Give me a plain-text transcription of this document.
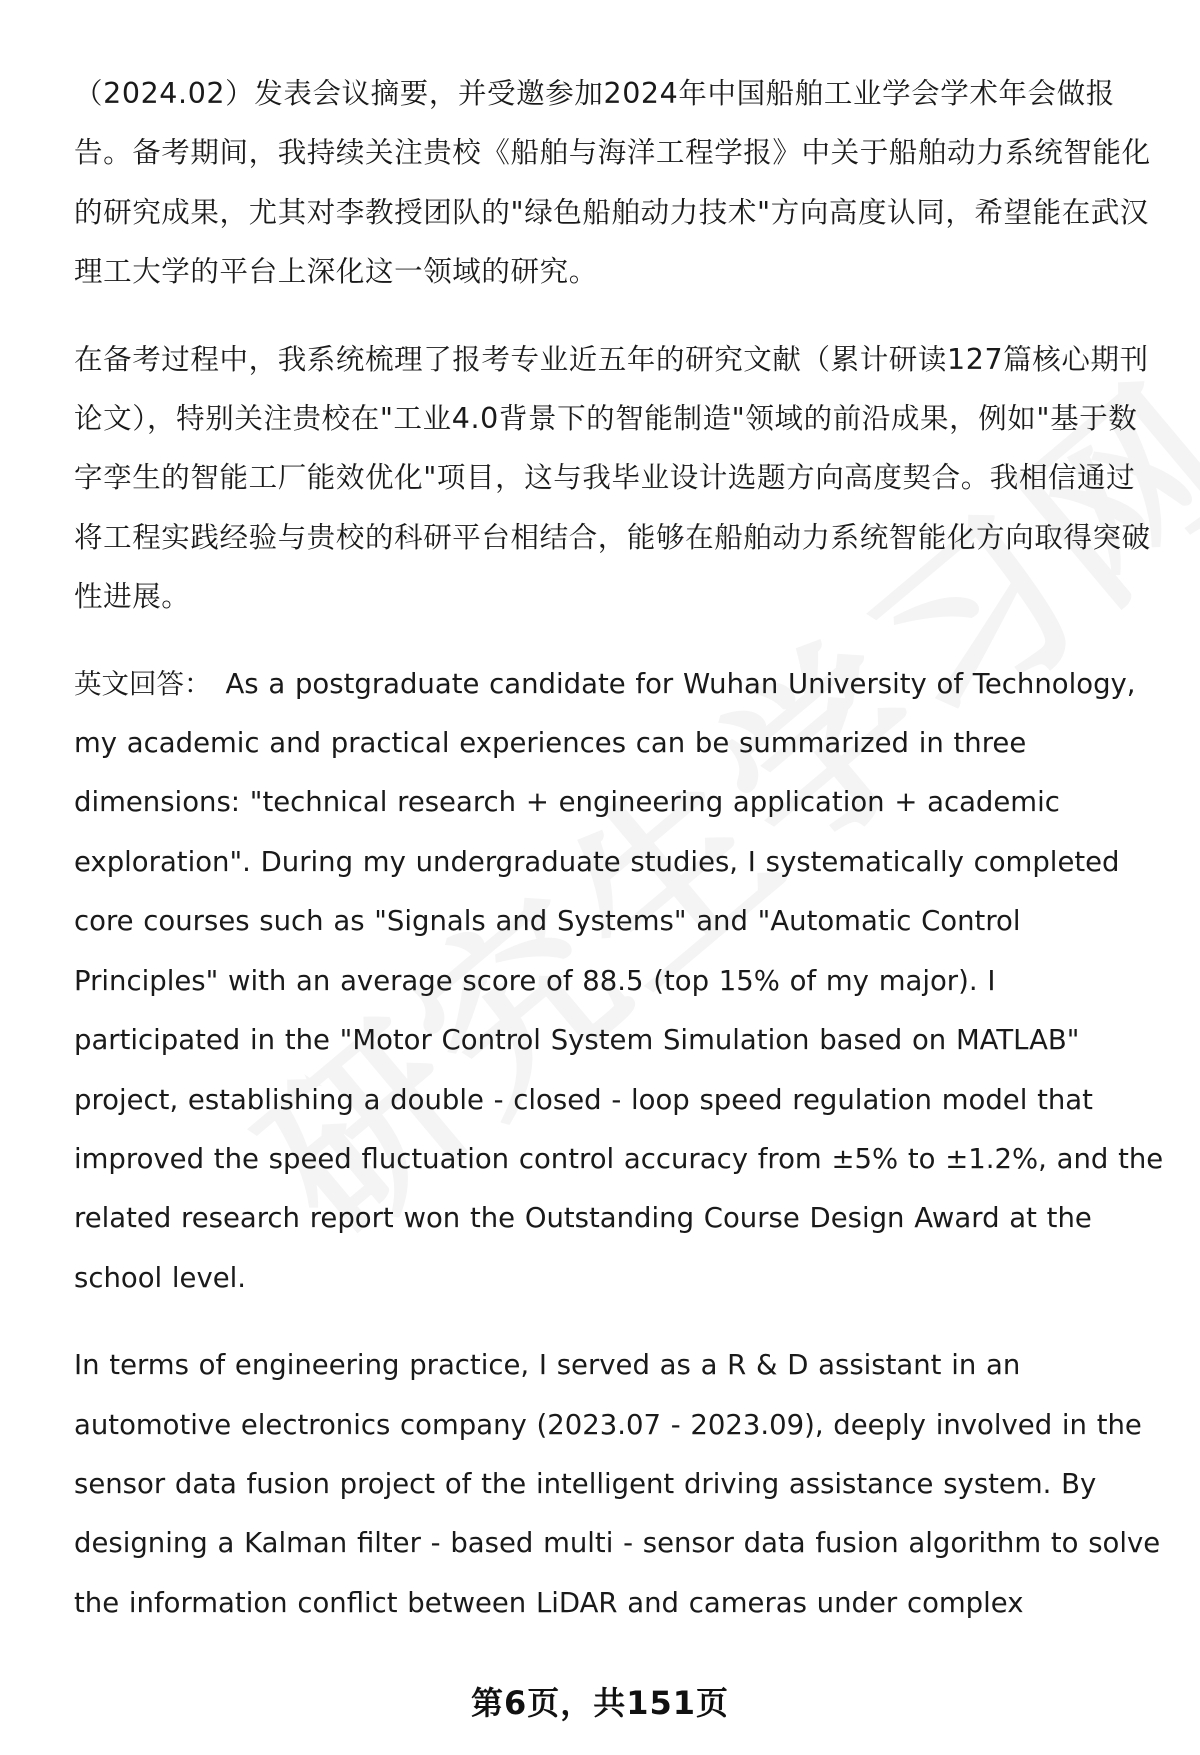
（2024.02）发表会议摘要，并受邀参加2024年中国船舶工业学会学术年会做报告。备考期间，我持续关注贵校《船舶与海洋工程学报》中关于船舶动力系统智能化的研究成果，尤其对李教授团队的"绿色船舶动力技术"方向高度认同，希望能在武汉理工大学的平台上深化这一领域的研究。

在备考过程中，我系统梳理了报考专业近五年的研究文献（累计研读127篇核心期刊论文），特别关注贵校在"工业4.0背景下的智能制造"领域的前沿成果，例如"基于数字孪生的智能工厂能效优化"项目，这与我毕业设计选题方向高度契合。我相信通过将工程实践经验与贵校的科研平台相结合，能够在船舶动力系统智能化方向取得突破性进展。

英文回答： As a postgraduate candidate for Wuhan University of Technology, my academic and practical experiences can be summarized in three dimensions: "technical research + engineering application + academic exploration". During my undergraduate studies, I systematically completed core courses such as "Signals and Systems" and "Automatic Control Principles" with an average score of 88.5 (top 15% of my major). I participated in the "Motor Control System Simulation based on MATLAB" project, establishing a double - closed - loop speed regulation model that improved the speed fluctuation control accuracy from ±5% to ±1.2%, and the related research report won the Outstanding Course Design Award at the school level.

In terms of engineering practice, I served as a R & D assistant in an automotive electronics company (2023.07 - 2023.09), deeply involved in the sensor data fusion project of the intelligent driving assistance system. By designing a Kalman filter - based multi - sensor data fusion algorithm to solve the information conflict between LiDAR and cameras under complex

第6页，共151页
